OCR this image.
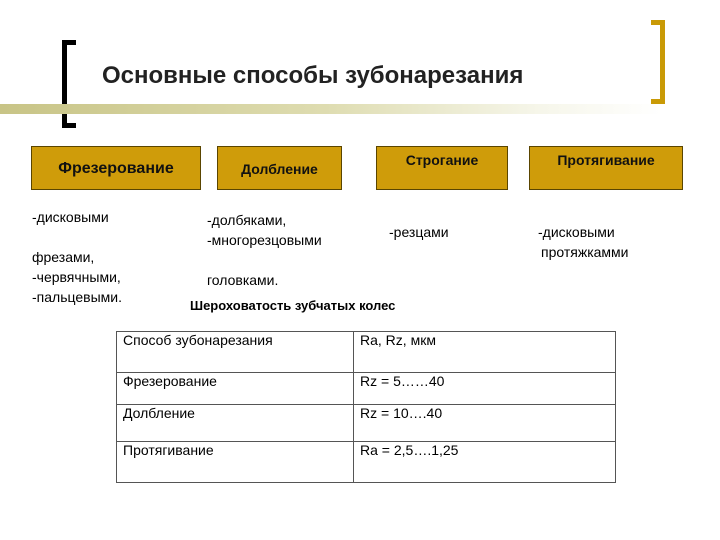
Основные способы зубонарезания
Фрезерование	Долбление
Строгание	Протягивание
-дисковыми
фрезами,
-червячными,
-пальцевыми.
-долбяками,
-многорезцовыми
головками.
-резцами	-дисковыми
протяжкамми
Шероховатость зубчатых колес
Способ зубонарезания	Ra, Rz, мкм
Фрезерование	Rz = 5……40
Долбление	Rz = 10….40
Протягивание	Ra = 2,5….1,25
